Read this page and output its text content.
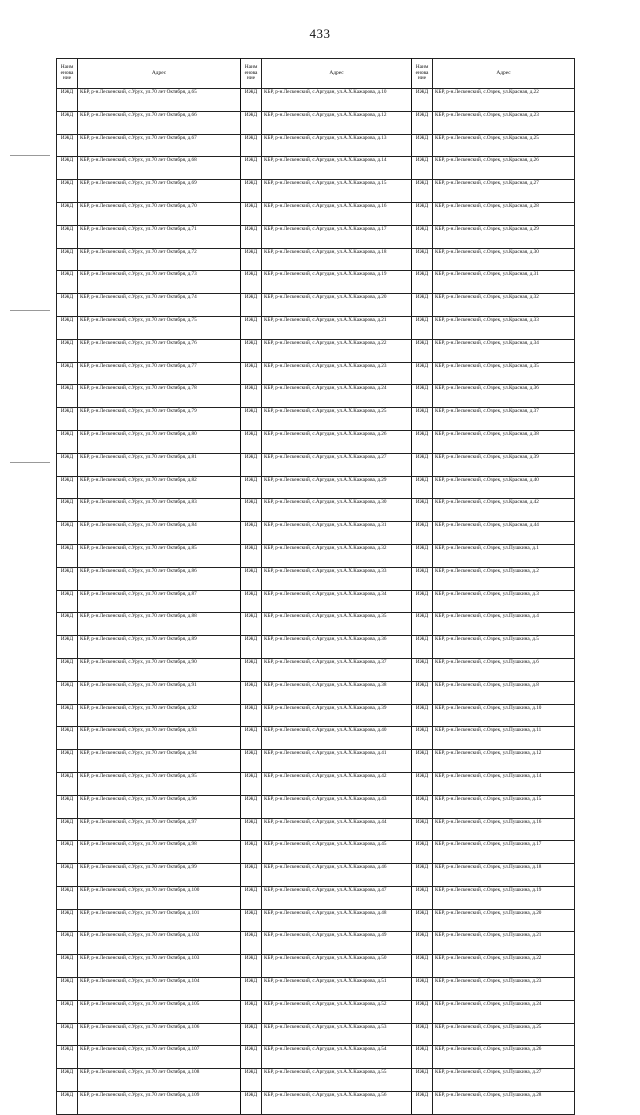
433
Наим енова ние	Адрес	Наим енова ние	Адрес	Наим енова ние	Адрес
ИЖД	КБР, р-н.Лескенский, с.Урух, ул.70 лет Октября, д.65	ИЖД	КБР, р-н.Лескенский, с.Аргудан, ул.А.Х.Кажарова, д.10	ИЖД	КБР, р-н.Лескенский, с.Озрек, ул.Красная, д.22
ИЖД	КБР, р-н.Лескенский, с.Урух, ул.70 лет Октября, д.66	ИЖД	КБР, р-н.Лескенский, с.Аргудан, ул.А.Х.Кажарова, д.12	ИЖД	КБР, р-н.Лескенский, с.Озрек, ул.Красная, д.23
ИЖД	КБР, р-н.Лескенский, с.Урух, ул.70 лет Октября, д.67	ИЖД	КБР, р-н.Лескенский, с.Аргудан, ул.А.Х.Кажарова, д.13	ИЖД	КБР, р-н.Лескенский, с.Озрек, ул.Красная, д.25
ИЖД	КБР, р-н.Лескенский, с.Урух, ул.70 лет Октября, д.68	ИЖД	КБР, р-н.Лескенский, с.Аргудан, ул.А.Х.Кажарова, д.14	ИЖД	КБР, р-н.Лескенский, с.Озрек, ул.Красная, д.26
ИЖД	КБР, р-н.Лескенский, с.Урух, ул.70 лет Октября, д.69	ИЖД	КБР, р-н.Лескенский, с.Аргудан, ул.А.Х.Кажарова, д.15	ИЖД	КБР, р-н.Лескенский, с.Озрек, ул.Красная, д.27
ИЖД	КБР, р-н.Лескенский, с.Урух, ул.70 лет Октября, д.70	ИЖД	КБР, р-н.Лескенский, с.Аргудан, ул.А.Х.Кажарова, д.16	ИЖД	КБР, р-н.Лескенский, с.Озрек, ул.Красная, д.28
ИЖД	КБР, р-н.Лескенский, с.Урух, ул.70 лет Октября, д.71	ИЖД	КБР, р-н.Лескенский, с.Аргудан, ул.А.Х.Кажарова, д.17	ИЖД	КБР, р-н.Лескенский, с.Озрек, ул.Красная, д.29
ИЖД	КБР, р-н.Лескенский, с.Урух, ул.70 лет Октября, д.72	ИЖД	КБР, р-н.Лескенский, с.Аргудан, ул.А.Х.Кажарова, д.18	ИЖД	КБР, р-н.Лескенский, с.Озрек, ул.Красная, д.30
ИЖД	КБР, р-н.Лескенский, с.Урух, ул.70 лет Октября, д.73	ИЖД	КБР, р-н.Лескенский, с.Аргудан, ул.А.Х.Кажарова, д.19	ИЖД	КБР, р-н.Лескенский, с.Озрек, ул.Красная, д.31
ИЖД	КБР, р-н.Лескенский, с.Урух, ул.70 лет Октября, д.74	ИЖД	КБР, р-н.Лескенский, с.Аргудан, ул.А.Х.Кажарова, д.20	ИЖД	КБР, р-н.Лескенский, с.Озрек, ул.Красная, д.32
ИЖД	КБР, р-н.Лескенский, с.Урух, ул.70 лет Октября, д.75	ИЖД	КБР, р-н.Лескенский, с.Аргудан, ул.А.Х.Кажарова, д.21	ИЖД	КБР, р-н.Лескенский, с.Озрек, ул.Красная, д.33
ИЖД	КБР, р-н.Лескенский, с.Урух, ул.70 лет Октября, д.76	ИЖД	КБР, р-н.Лескенский, с.Аргудан, ул.А.Х.Кажарова, д.22	ИЖД	КБР, р-н.Лескенский, с.Озрек, ул.Красная, д.34
ИЖД	КБР, р-н.Лескенский, с.Урух, ул.70 лет Октября, д.77	ИЖД	КБР, р-н.Лескенский, с.Аргудан, ул.А.Х.Кажарова, д.23	ИЖД	КБР, р-н.Лескенский, с.Озрек, ул.Красная, д.35
ИЖД	КБР, р-н.Лескенский, с.Урух, ул.70 лет Октября, д.78	ИЖД	КБР, р-н.Лескенский, с.Аргудан, ул.А.Х.Кажарова, д.24	ИЖД	КБР, р-н.Лескенский, с.Озрек, ул.Красная, д.36
ИЖД	КБР, р-н.Лескенский, с.Урух, ул.70 лет Октября, д.79	ИЖД	КБР, р-н.Лескенский, с.Аргудан, ул.А.Х.Кажарова, д.25	ИЖД	КБР, р-н.Лескенский, с.Озрек, ул.Красная, д.37
ИЖД	КБР, р-н.Лескенский, с.Урух, ул.70 лет Октября, д.80	ИЖД	КБР, р-н.Лескенский, с.Аргудан, ул.А.Х.Кажарова, д.26	ИЖД	КБР, р-н.Лескенский, с.Озрек, ул.Красная, д.38
ИЖД	КБР, р-н.Лескенский, с.Урух, ул.70 лет Октября, д.81	ИЖД	КБР, р-н.Лескенский, с.Аргудан, ул.А.Х.Кажарова, д.27	ИЖД	КБР, р-н.Лескенский, с.Озрек, ул.Красная, д.39
ИЖД	КБР, р-н.Лескенский, с.Урух, ул.70 лет Октября, д.82	ИЖД	КБР, р-н.Лескенский, с.Аргудан, ул.А.Х.Кажарова, д.29	ИЖД	КБР, р-н.Лескенский, с.Озрек, ул.Красная, д.40
ИЖД	КБР, р-н.Лескенский, с.Урух, ул.70 лет Октября, д.83	ИЖД	КБР, р-н.Лескенский, с.Аргудан, ул.А.Х.Кажарова, д.30	ИЖД	КБР, р-н.Лескенский, с.Озрек, ул.Красная, д.42
ИЖД	КБР, р-н.Лескенский, с.Урух, ул.70 лет Октября, д.84	ИЖД	КБР, р-н.Лескенский, с.Аргудан, ул.А.Х.Кажарова, д.31	ИЖД	КБР, р-н.Лескенский, с.Озрек, ул.Красная, д.44
ИЖД	КБР, р-н.Лескенский, с.Урух, ул.70 лет Октября, д.85	ИЖД	КБР, р-н.Лескенский, с.Аргудан, ул.А.Х.Кажарова, д.32	ИЖД	КБР, р-н.Лескенский, с.Озрек, ул.Пушкина, д.1
ИЖД	КБР, р-н.Лескенский, с.Урух, ул.70 лет Октября, д.86	ИЖД	КБР, р-н.Лескенский, с.Аргудан, ул.А.Х.Кажарова, д.33	ИЖД	КБР, р-н.Лескенский, с.Озрек, ул.Пушкина, д.2
ИЖД	КБР, р-н.Лескенский, с.Урух, ул.70 лет Октября, д.87	ИЖД	КБР, р-н.Лескенский, с.Аргудан, ул.А.Х.Кажарова, д.34	ИЖД	КБР, р-н.Лескенский, с.Озрек, ул.Пушкина, д.3
ИЖД	КБР, р-н.Лескенский, с.Урух, ул.70 лет Октября, д.88	ИЖД	КБР, р-н.Лескенский, с.Аргудан, ул.А.Х.Кажарова, д.35	ИЖД	КБР, р-н.Лескенский, с.Озрек, ул.Пушкина, д.4
ИЖД	КБР, р-н.Лескенский, с.Урух, ул.70 лет Октября, д.89	ИЖД	КБР, р-н.Лескенский, с.Аргудан, ул.А.Х.Кажарова, д.36	ИЖД	КБР, р-н.Лескенский, с.Озрек, ул.Пушкина, д.5
ИЖД	КБР, р-н.Лескенский, с.Урух, ул.70 лет Октября, д.90	ИЖД	КБР, р-н.Лескенский, с.Аргудан, ул.А.Х.Кажарова, д.37	ИЖД	КБР, р-н.Лескенский, с.Озрек, ул.Пушкина, д.6
ИЖД	КБР, р-н.Лескенский, с.Урух, ул.70 лет Октября, д.91	ИЖД	КБР, р-н.Лескенский, с.Аргудан, ул.А.Х.Кажарова, д.38	ИЖД	КБР, р-н.Лескенский, с.Озрек, ул.Пушкина, д.8
ИЖД	КБР, р-н.Лескенский, с.Урух, ул.70 лет Октября, д.92	ИЖД	КБР, р-н.Лескенский, с.Аргудан, ул.А.Х.Кажарова, д.39	ИЖД	КБР, р-н.Лескенский, с.Озрек, ул.Пушкина, д.10
ИЖД	КБР, р-н.Лескенский, с.Урух, ул.70 лет Октября, д.93	ИЖД	КБР, р-н.Лескенский, с.Аргудан, ул.А.Х.Кажарова, д.40	ИЖД	КБР, р-н.Лескенский, с.Озрек, ул.Пушкина, д.11
ИЖД	КБР, р-н.Лескенский, с.Урух, ул.70 лет Октября, д.94	ИЖД	КБР, р-н.Лескенский, с.Аргудан, ул.А.Х.Кажарова, д.41	ИЖД	КБР, р-н.Лескенский, с.Озрек, ул.Пушкина, д.12
ИЖД	КБР, р-н.Лескенский, с.Урух, ул.70 лет Октября, д.95	ИЖД	КБР, р-н.Лескенский, с.Аргудан, ул.А.Х.Кажарова, д.42	ИЖД	КБР, р-н.Лескенский, с.Озрек, ул.Пушкина, д.14
ИЖД	КБР, р-н.Лескенский, с.Урух, ул.70 лет Октября, д.96	ИЖД	КБР, р-н.Лескенский, с.Аргудан, ул.А.Х.Кажарова, д.43	ИЖД	КБР, р-н.Лескенский, с.Озрек, ул.Пушкина, д.15
ИЖД	КБР, р-н.Лескенский, с.Урух, ул.70 лет Октября, д.97	ИЖД	КБР, р-н.Лескенский, с.Аргудан, ул.А.Х.Кажарова, д.44	ИЖД	КБР, р-н.Лескенский, с.Озрек, ул.Пушкина, д.16
ИЖД	КБР, р-н.Лескенский, с.Урух, ул.70 лет Октября, д.98	ИЖД	КБР, р-н.Лескенский, с.Аргудан, ул.А.Х.Кажарова, д.45	ИЖД	КБР, р-н.Лескенский, с.Озрек, ул.Пушкина, д.17
ИЖД	КБР, р-н.Лескенский, с.Урух, ул.70 лет Октября, д.99	ИЖД	КБР, р-н.Лескенский, с.Аргудан, ул.А.Х.Кажарова, д.46	ИЖД	КБР, р-н.Лескенский, с.Озрек, ул.Пушкина, д.18
ИЖД	КБР, р-н.Лескенский, с.Урух, ул.70 лет Октября, д.100	ИЖД	КБР, р-н.Лескенский, с.Аргудан, ул.А.Х.Кажарова, д.47	ИЖД	КБР, р-н.Лескенский, с.Озрек, ул.Пушкина, д.19
ИЖД	КБР, р-н.Лескенский, с.Урух, ул.70 лет Октября, д.101	ИЖД	КБР, р-н.Лескенский, с.Аргудан, ул.А.Х.Кажарова, д.48	ИЖД	КБР, р-н.Лескенский, с.Озрек, ул.Пушкина, д.20
ИЖД	КБР, р-н.Лескенский, с.Урух, ул.70 лет Октября, д.102	ИЖД	КБР, р-н.Лескенский, с.Аргудан, ул.А.Х.Кажарова, д.49	ИЖД	КБР, р-н.Лескенский, с.Озрек, ул.Пушкина, д.21
ИЖД	КБР, р-н.Лескенский, с.Урух, ул.70 лет Октября, д.103	ИЖД	КБР, р-н.Лескенский, с.Аргудан, ул.А.Х.Кажарова, д.50	ИЖД	КБР, р-н.Лескенский, с.Озрек, ул.Пушкина, д.22
ИЖД	КБР, р-н.Лескенский, с.Урух, ул.70 лет Октября, д.104	ИЖД	КБР, р-н.Лескенский, с.Аргудан, ул.А.Х.Кажарова, д.51	ИЖД	КБР, р-н.Лескенский, с.Озрек, ул.Пушкина, д.23
ИЖД	КБР, р-н.Лескенский, с.Урух, ул.70 лет Октября, д.105	ИЖД	КБР, р-н.Лескенский, с.Аргудан, ул.А.Х.Кажарова, д.52	ИЖД	КБР, р-н.Лескенский, с.Озрек, ул.Пушкина, д.24
ИЖД	КБР, р-н.Лескенский, с.Урух, ул.70 лет Октября, д.106	ИЖД	КБР, р-н.Лескенский, с.Аргудан, ул.А.Х.Кажарова, д.53	ИЖД	КБР, р-н.Лескенский, с.Озрек, ул.Пушкина, д.25
ИЖД	КБР, р-н.Лескенский, с.Урух, ул.70 лет Октября, д.107	ИЖД	КБР, р-н.Лескенский, с.Аргудан, ул.А.Х.Кажарова, д.54	ИЖД	КБР, р-н.Лескенский, с.Озрек, ул.Пушкина, д.26
ИЖД	КБР, р-н.Лескенский, с.Урух, ул.70 лет Октября, д.108	ИЖД	КБР, р-н.Лескенский, с.Аргудан, ул.А.Х.Кажарова, д.55	ИЖД	КБР, р-н.Лескенский, с.Озрек, ул.Пушкина, д.27
ИЖД	КБР, р-н.Лескенский, с.Урух, ул.70 лет Октября, д.109	ИЖД	КБР, р-н.Лескенский, с.Аргудан, ул.А.Х.Кажарова, д.56	ИЖД	КБР, р-н.Лескенский, с.Озрек, ул.Пушкина, д.28
